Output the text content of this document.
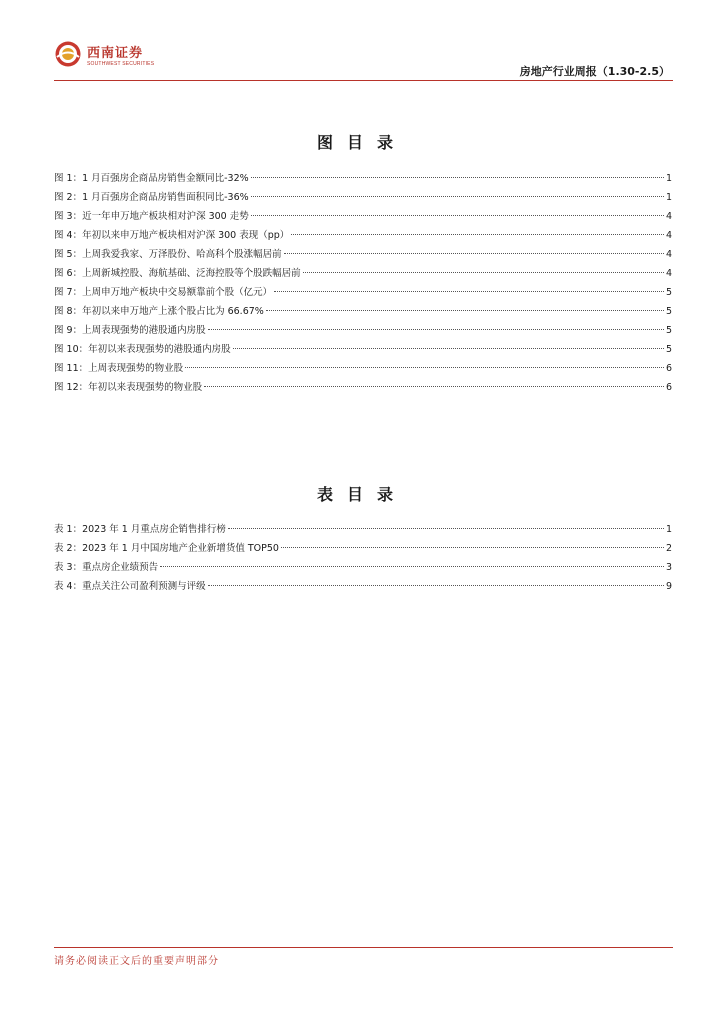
西南证券
SOUTHWEST SECURITIES
房地产行业周报（1.30-2.5）
图目录
图 1：1 月百强房企商品房销售金额同比-32%	1
图 2：1 月百强房企商品房销售面积同比-36%	1
图 3：近一年申万地产板块相对沪深 300 走势	4
图 4：年初以来申万地产板块相对沪深 300 表现（pp）	4
图 5：上周我爱我家、万泽股份、哈高科个股涨幅居前	4
图 6：上周新城控股、海航基础、泛海控股等个股跌幅居前	4
图 7：上周申万地产板块中交易额靠前个股（亿元）	5
图 8：年初以来申万地产上涨个股占比为 66.67%	5
图 9：上周表现强势的港股通内房股	5
图 10：年初以来表现强势的港股通内房股	5
图 11：上周表现强势的物业股	6
图 12：年初以来表现强势的物业股	6
表目录
表 1：2023 年 1 月重点房企销售排行榜	1
表 2：2023 年 1 月中国房地产企业新增货值 TOP50	2
表 3：重点房企业绩预告	3
表 4：重点关注公司盈利预测与评级	9
请务必阅读正文后的重要声明部分
